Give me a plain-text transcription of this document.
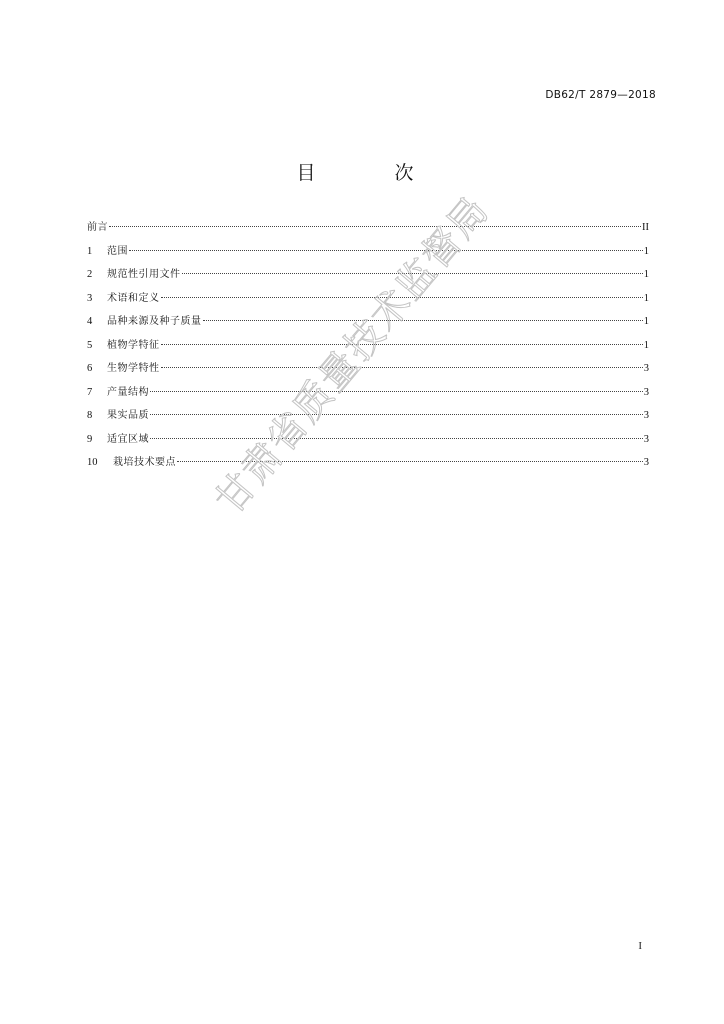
DB62/T 2879—2018
目　次
前言	II
1	范围	1
2	规范性引用文件	1
3	术语和定义	1
4	品种来源及种子质量	1
5	植物学特征	1
6	生物学特性	3
7	产量结构	3
8	果实品质	3
9	适宜区域	3
10	栽培技术要点	3
甘肃省质量技术监督局
I
